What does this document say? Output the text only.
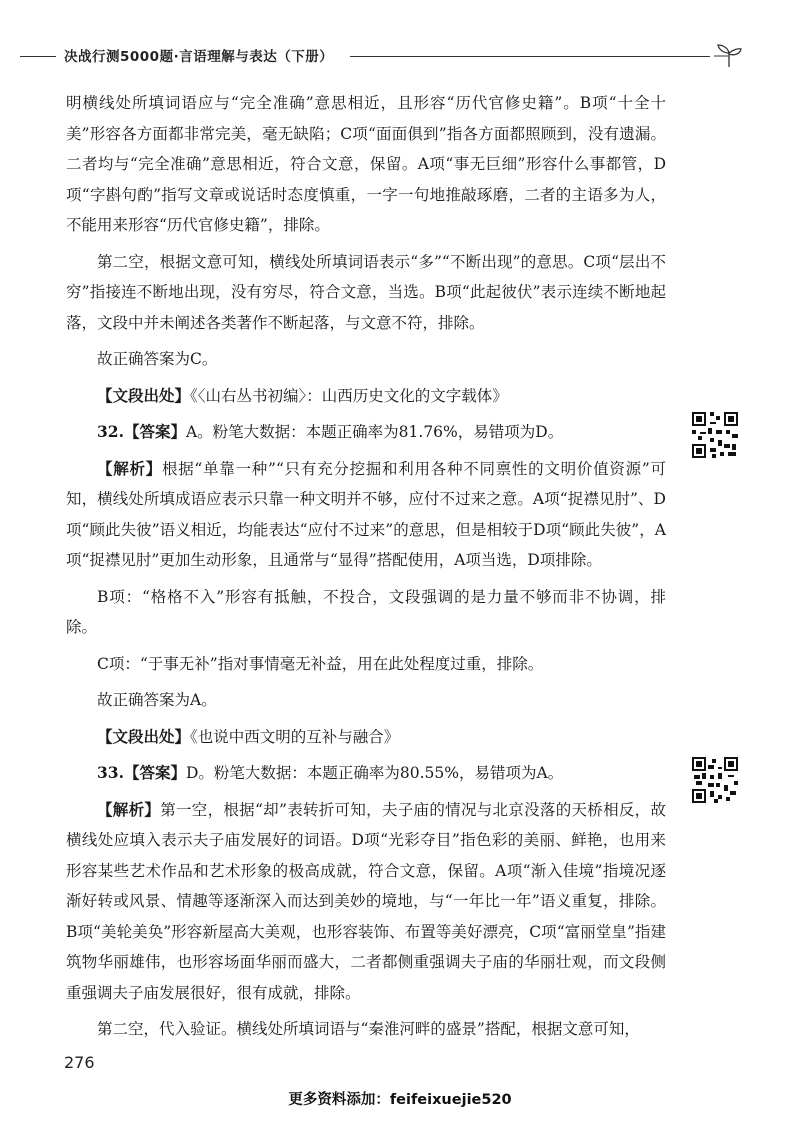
决战行测5000题·言语理解与表达（下册）

明横线处所填词语应与“完全准确”意思相近，且形容“历代官修史籍”。B项“十全十美”形容各方面都非常完美，毫无缺陷；C项“面面俱到”指各方面都照顾到，没有遗漏。二者均与“完全准确”意思相近，符合文意，保留。A项“事无巨细”形容什么事都管，D项“字斟句酌”指写文章或说话时态度慎重，一字一句地推敲琢磨，二者的主语多为人，不能用来形容“历代官修史籍”，排除。

第二空，根据文意可知，横线处所填词语表示“多”“不断出现”的意思。C项“层出不穷”指接连不断地出现，没有穷尽，符合文意，当选。B项“此起彼伏”表示连续不断地起落，文段中并未阐述各类著作不断起落，与文意不符，排除。

故正确答案为C。

【文段出处】《〈山右丛书初编〉：山西历史文化的文字载体》

32.【答案】A。粉笔大数据：本题正确率为81.76%，易错项为D。

【解析】根据“单靠一种”“只有充分挖掘和利用各种不同禀性的文明价值资源”可知，横线处所填成语应表示只靠一种文明并不够，应付不过来之意。A项“捉襟见肘”、D项“顾此失彼”语义相近，均能表达“应付不过来”的意思，但是相较于D项“顾此失彼”，A项“捉襟见肘”更加生动形象，且通常与“显得”搭配使用，A项当选，D项排除。

B项：“格格不入”形容有抵触，不投合，文段强调的是力量不够而非不协调，排除。

C项：“于事无补”指对事情毫无补益，用在此处程度过重，排除。

故正确答案为A。

【文段出处】《也说中西文明的互补与融合》

33.【答案】D。粉笔大数据：本题正确率为80.55%，易错项为A。

【解析】第一空，根据“却”表转折可知，夫子庙的情况与北京没落的天桥相反，故横线处应填入表示夫子庙发展好的词语。D项“光彩夺目”指色彩的美丽、鲜艳，也用来形容某些艺术作品和艺术形象的极高成就，符合文意，保留。A项“渐入佳境”指境况逐渐好转或风景、情趣等逐渐深入而达到美妙的境地，与“一年比一年”语义重复，排除。B项“美轮美奂”形容新屋高大美观，也形容装饰、布置等美好漂亮，C项“富丽堂皇”指建筑物华丽雄伟，也形容场面华丽而盛大，二者都侧重强调夫子庙的华丽壮观，而文段侧重强调夫子庙发展很好，很有成就，排除。

第二空，代入验证。横线处所填词语与“秦淮河畔的盛景”搭配，根据文意可知，

276
更多资料添加：feifeixuejie520
